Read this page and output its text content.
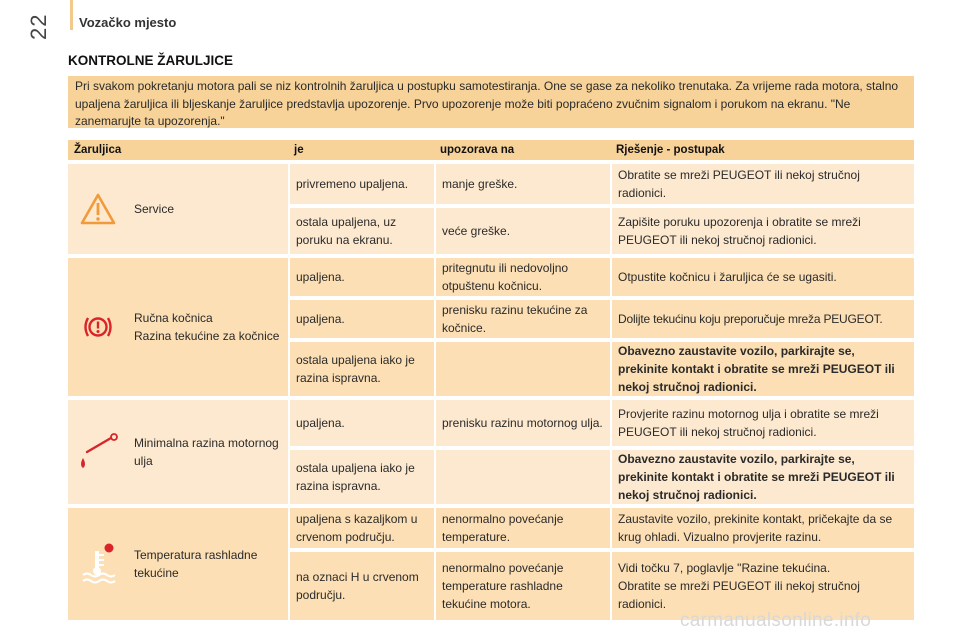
22 Vozačko mjesto
KONTROLNE ŽARULJICE
Pri svakom pokretanju motora pali se niz kontrolnih žaruljica u postupku samotestiranja. One se gase za nekoliko trenutaka. Za vrijeme rada motora, stalno upaljena žaruljica ili bljeskanje žaruljice predstavlja upozorenje. Prvo upozorenje može biti popraćeno zvučnim signalom i porukom na ekranu. "Ne zanemarujte ta upozorenja."
Žaruljica		je	upozorava na	Rješenje - postupak

	Service	privremeno upaljena.	manje greške.	Obratite se mreži PEUGEOT ili nekoj stručnoj radionici.
		ostala upaljena, uz poruku na ekranu.	veće greške.	Zapišite poruku upozorenja i obratite se mreži PEUGEOT ili nekoj stručnoj radionici.

	Ručna kočnica
Razina tekućine za kočnice	upaljena.	pritegnutu ili nedovoljno otpuštenu kočnicu.	Otpustite kočnicu i žaruljica će se ugasiti.
		upaljena.	prenisku razinu tekućine za kočnice.	Dolijte tekućinu koju preporučuje mreža PEUGEOT.
		ostala upaljena iako je razina ispravna.		Obavezno zaustavite vozilo, parkirajte se, prekinite kontakt i obratite se mreži PEUGEOT ili nekoj stručnoj radionici.

	Minimalna razina motornog ulja	upaljena.	prenisku razinu motornog ulja.	Provjerite razinu motornog ulja i obratite se mreži PEUGEOT ili nekoj stručnoj radionici.
		ostala upaljena iako je razina ispravna.		Obavezno zaustavite vozilo, parkirajte se, prekinite kontakt i obratite se mreži PEUGEOT ili nekoj stručnoj radionici.

	Temperatura rashladne tekućine	upaljena s kazaljkom u crvenom području.	nenormalno povećanje temperature.	Zaustavite vozilo, prekinite kontakt, pričekajte da se krug ohladi. Vizualno provjerite razinu.
		na oznaci H u crvenom području.	nenormalno povećanje temperature rashladne tekućine motora.	Vidi točku 7, poglavlje "Razine tekućina.
Obratite se mreži PEUGEOT ili nekoj stručnoj radionici.
carmanualsonline.info
